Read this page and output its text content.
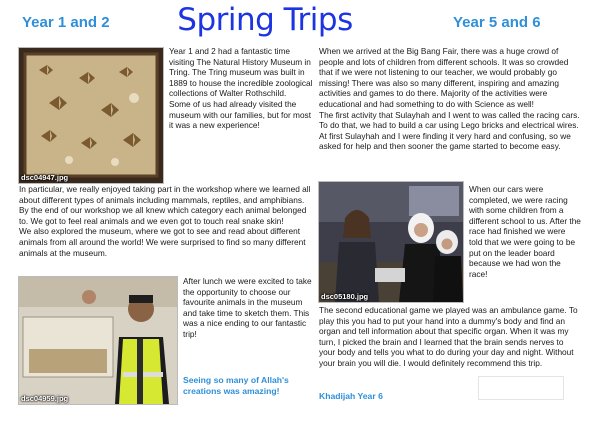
Year 1 and 2 Spring Trips	Year 5 and 6
dsc04947.jpg

Year 1 and 2 had a fantastic time visiting The Natural History Museum in Tring. The Tring museum was built in 1889 to house the incredible zoological collections of Walter Rothschild.

Some of us had already visited the museum with our families, but for most it was a new experience!

In particular, we really enjoyed taking part in the workshop where we learned all about different types of animals including mammals, reptiles, and amphibians. By the end of our workshop we all knew which category each animal belonged to. We got to feel real animals and we even got to touch real snake skin!

We also explored the museum, where we got to see and read about different animals from all around the world! We were surprised to find so many different animals at the museum.

dsc04959.jpg

After lunch we were excited to take the opportunity to choose our favourite animals in the museum and take time to sketch them. This was a nice ending to our fantastic trip!

Seeing so many of Allah's creations was amazing!

When we arrived at the Big Bang Fair, there was a huge crowd of people and lots of children from different schools. It was so crowded that if we were not listening to our teacher, we would probably go missing! There was also so many different, inspiring and amazing activities and games to do there. Majority of the activities were educational and had something to do with Science as well!

The first activity that Sulayhah and I went to was called the racing cars. To do that, we had to build a car using Lego bricks and electrical wires. At first Sulayhah and I were finding it very hard and confusing, so we asked for help and then sooner the game started to become easy.

dsc05180.jpg

When our cars were completed, we were racing with some children from a different school to us. After the race had finished we were told that we were going to be put on the leader board because we had won the race!

The second educational game we played was an ambulance game. To play this you had to put your hand into a dummy's body and find an organ and tell information about that specific organ. When it was my turn, I picked the brain and I learned that the brain sends nerves to your body and tells you what to do during your day and night. Without your brain you will die. I would definitely recommend this trip.

Khadijah Year 6
